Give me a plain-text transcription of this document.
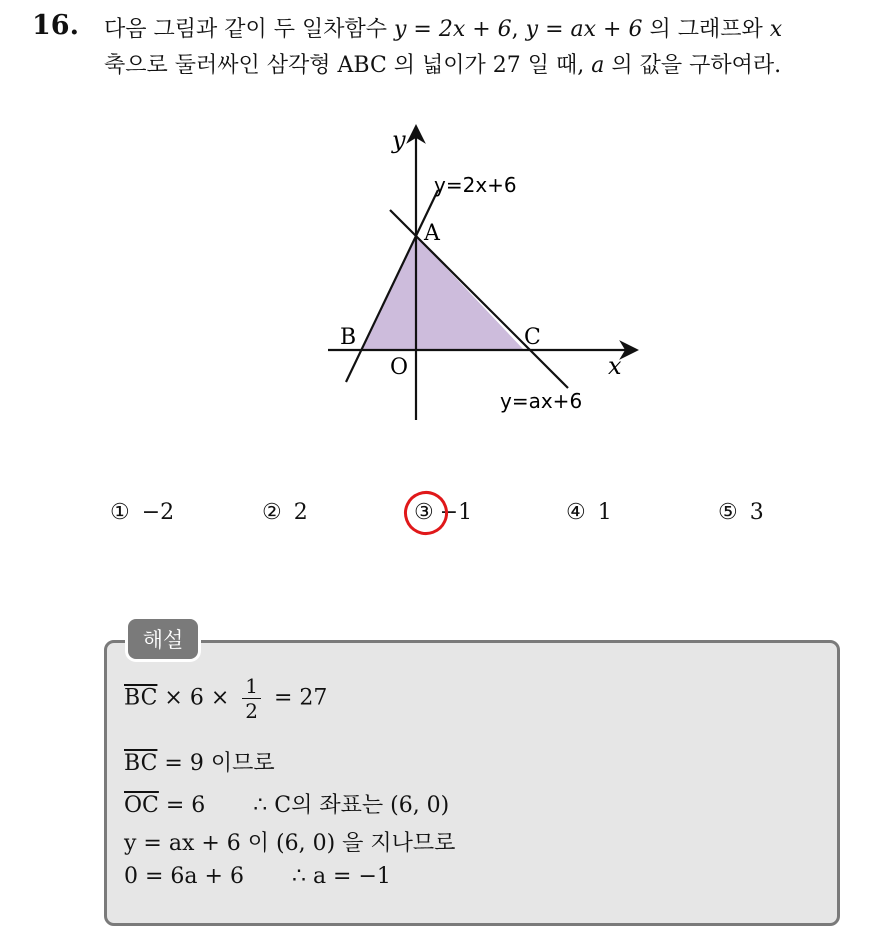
16. 다음 그림과 같이 두 일차함수 y = 2x + 6, y = ax + 6 의 그래프와 x
축으로 둘러싸인 삼각형 ABC 의 넓이가 27 일 때, a 의 값을 구하여라.
y
x
y=2x+6
y=ax+6
A
B	C
O
① −2	② 2	③ −1	④ 1	⑤ 3
해설
$\overline{BC} \times 6 \times \frac{1}{2} = 27$
$\overline{BC} = 9$ 이므로
$\overline{OC} = 6$ ∴ C의 좌표는 (6, 0)
y = ax + 6 이 (6, 0) 을 지나므로
0 = 6a + 6 ∴ a = −1
